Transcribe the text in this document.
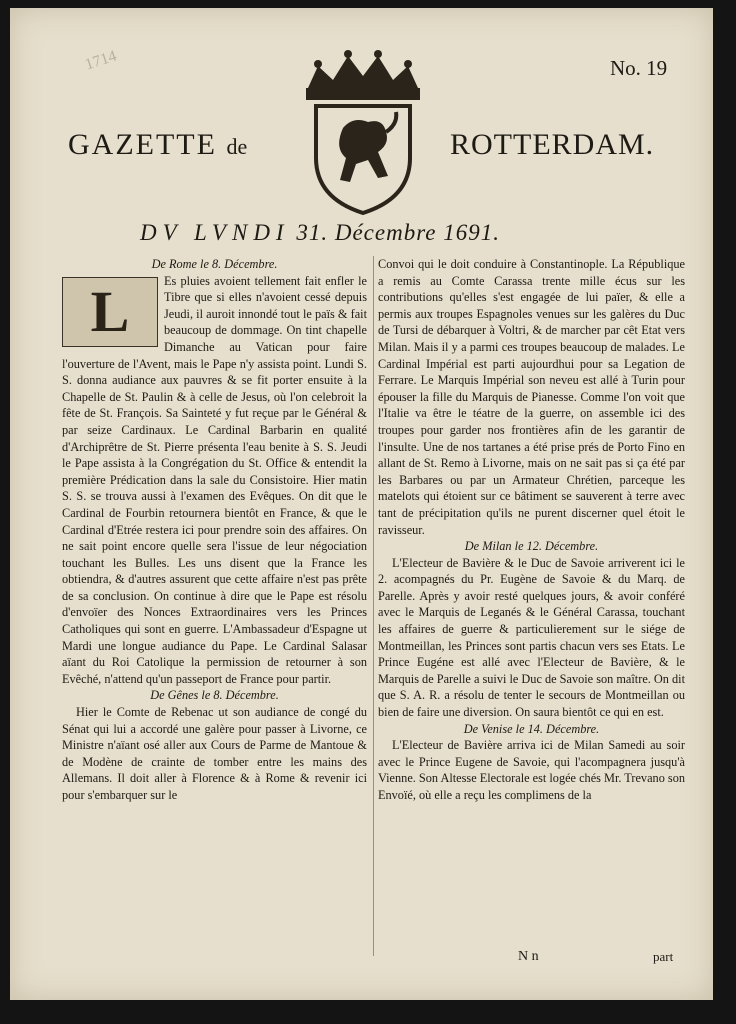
1714	No. 19
GAZETTE de	ROTTERDAM.
DV LVNDI 31. Décembre 1691.

De Rome le 8. Décembre.

L	Es pluies avoient tellement fait enfler le Tibre que si elles n'avoient cessé depuis Jeudi, il auroit innondé tout le païs & fait beaucoup de dommage. On tint chapelle Dimanche au Vatican pour faire l'ouverture de l'Avent, mais le Pape n'y assista point. Lundi S. S. donna audiance aux pauvres & se fit porter ensuite à la Chapelle de St. Paulin & à celle de Jesus, où l'on celebroit la fête de St. François. Sa Sainteté y fut reçue par le Général & par seize Cardinaux. Le Cardinal Barbarin en qualité d'Archiprêtre de St. Pierre présenta l'eau benite à S. S. Jeudi le Pape assista à la Congrégation du St. Office & entendit la première Prédication dans la sale du Consistoire. Hier matin S. S. se trouva aussi à l'examen des Evêques. On dit que le Cardinal de Fourbin retournera bientôt en France, & que le Cardinal d'Etrée restera ici pour prendre soin des affaires. On ne sait point encore quelle sera l'issue de leur négociation touchant les Bulles. Les uns disent que la France les obtiendra, & d'autres assurent que cette affaire n'est pas prête de sa conclusion. On continue à dire que le Pape est résolu d'envoïer des Nonces Extraordinaires vers les Princes Catholiques qui sont en guerre. L'Ambassadeur d'Espagne ut Mardi une longue audiance du Pape. Le Cardinal Salasar aïant du Roi Catolique la permission de retourner à son Evêché, n'attend qu'un passeport de France pour partir.

De Gênes le 8. Décembre.

Hier le Comte de Rebenac ut son audiance de congé du Sénat qui lui a accordé une galère pour passer à Livorne, ce Ministre n'aïant osé aller aux Cours de Parme de Mantoue & de Modène de crainte de tomber entre les mains des Allemans. Il doit aller à Florence & à Rome & revenir ici pour s'embarquer sur le

Convoi qui le doit conduire à Constantinople. La République a remis au Comte Carassa trente mille écus sur les contributions qu'elles s'est engagée de lui païer, & elle a permis aux troupes Espagnoles venues sur les galères du Duc de Tursi de débarquer à Voltri, & de marcher par cêt Etat vers Milan. Mais il y a parmi ces troupes beaucoup de malades. Le Cardinal Impérial est parti aujourdhui pour sa Legation de Ferrare. Le Marquis Impérial son neveu est allé à Turin pour épouser la fille du Marquis de Pianesse. Comme l'on voit que l'Italie va être le téatre de la guerre, on assemble ici des troupes pour garder nos frontières afin de les garantir de l'insulte. Une de nos tartanes a été prise prés de Porto Fino en allant de St. Remo à Livorne, mais on ne sait pas si ça été par les Barbares ou par un Armateur Chrétien, parceque les matelots qui étoient sur ce bâtiment se sauverent à terre avec tant de précipitation qu'ils ne purent discerner quel étoit le ravisseur.

De Milan le 12. Décembre.

L'Electeur de Bavière & le Duc de Savoie arriverent ici le 2. acompagnés du Pr. Eugène de Savoie & du Marq. de Parelle. Après y avoir resté quelques jours, & avoir conféré avec le Marquis de Leganés & le Général Carassa, touchant les affaires de guerre & particulierement sur le siége de Montmeillan, les Princes sont partis chacun vers ses Etats. Le Prince Eugéne est allé avec l'Electeur de Bavière, & le Marquis de Parelle a suivi le Duc de Savoie son maître. On dit que S. A. R. a résolu de tenter le secours de Montmeillan ou bien de faire une diversion. On saura bientôt ce qui en est.

De Venise le 14. Décembre.

L'Electeur de Bavière arriva ici de Milan Samedi au soir avec le Prince Eugene de Savoie, qui l'acompagnera jusqu'à Vienne. Son Altesse Electorale est logée chés Mr. Trevano son Envoïé, où elle a reçu les complimens de la

N n	part
